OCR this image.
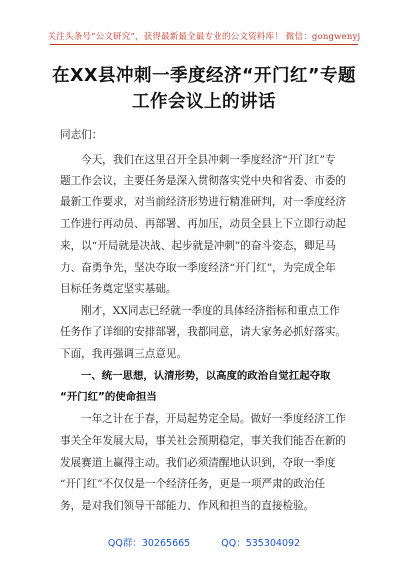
关注头条号“公文研究”，获得最新最全最专业的公文资料库！ 微信：gongwenyj
在XX县冲刺一季度经济“开门红”专题
工作会议上的讲话
同志们：
今天，我们在这里召开全县冲刺一季度经济“开门红”专
题工作会议，主要任务是深入贯彻落实党中央和省委、市委的
最新工作要求，对当前经济形势进行精准研判，对一季度经济
工作进行再动员、再部署、再加压，动员全县上下立即行动起
来，以“开局就是决战、起步就是冲刺”的奋斗姿态，卿足马
力、奋勇争先，坚决夺取一季度经济“开门红”，为完成全年
目标任务奠定坚实基础。
刚才，XX同志已经就一季度的具体经济指标和重点工作
任务作了详细的安排部署，我都同意，请大家务必抓好落实。
下面，我再强调三点意见。
一、统一思想，认清形势，以高度的政治自觉扛起夺取
“开门红”的使命担当
一年之计在于春，开局起势定全局。做好一季度经济工作
事关全年发展大局，事关社会预期稳定，事关我们能否在新的
发展赛道上赢得主动。我们必须清醒地认识到，夺取一季度
“开门红”不仅仅是一个经济任务，更是一项严肃的政治任
务，是对我们领导干部能力、作风和担当的直接检验。
QQ群：30265665	QQ：535304092
